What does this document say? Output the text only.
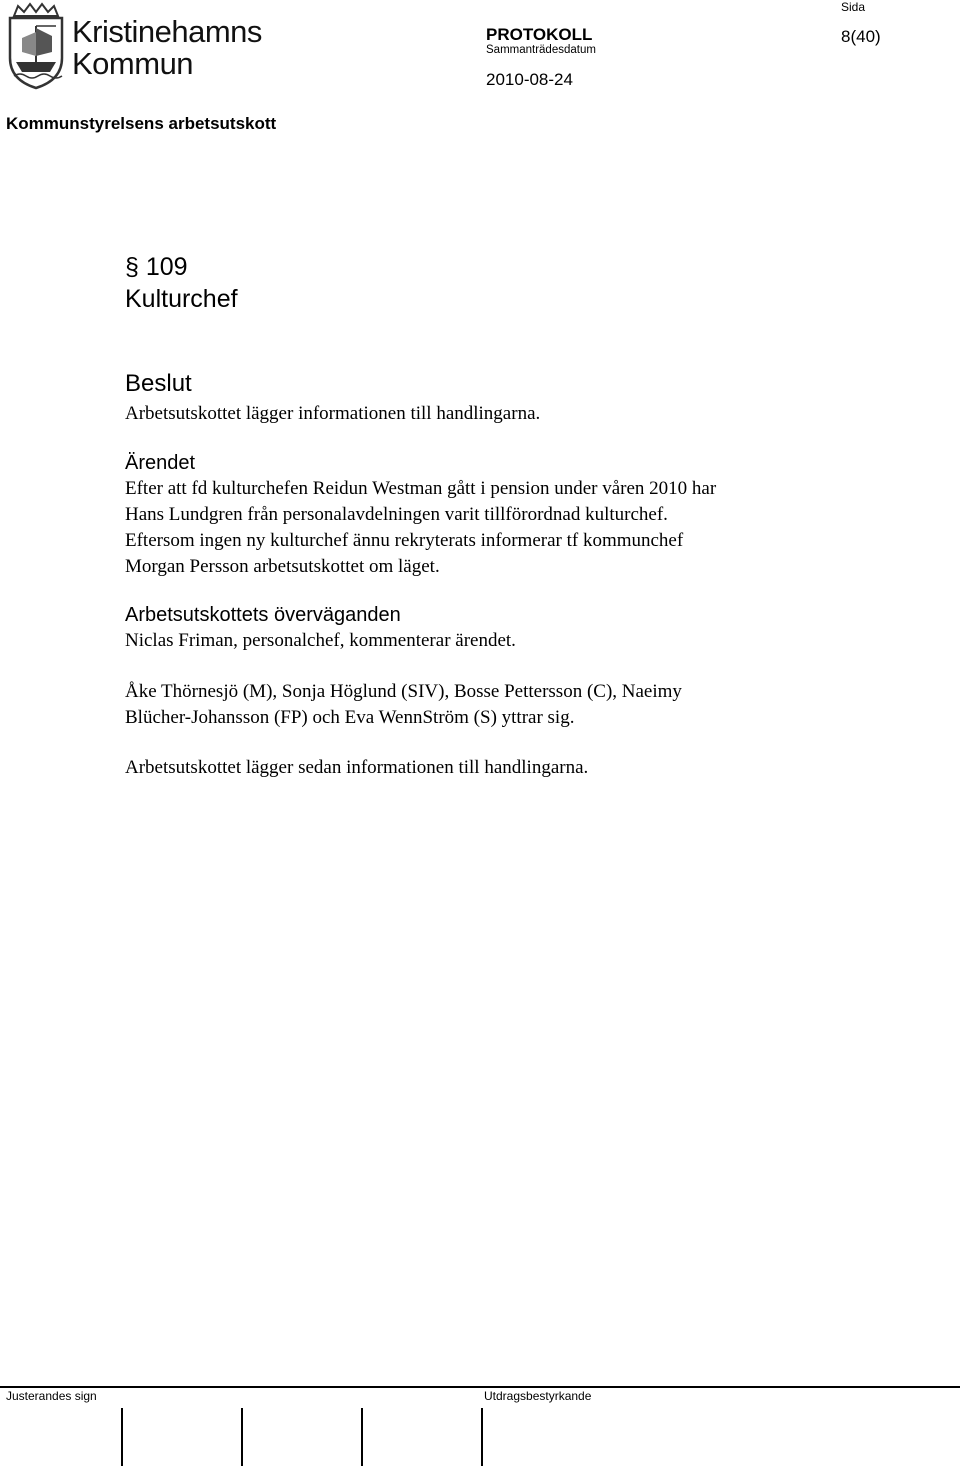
Kristinehamns
Kommun
PROTOKOLL
Sammanträdesdatum
2010-08-24
Sida
8(40)
Kommunstyrelsens arbetsutskott
§ 109
Kulturchef
Beslut
Arbetsutskottet lägger informationen till handlingarna.
Ärendet
Efter att fd kulturchefen Reidun Westman gått i pension under våren 2010 har
Hans Lundgren från personalavdelningen varit tillförordnad kulturchef.
Eftersom ingen ny kulturchef ännu rekryterats informerar tf kommunchef
Morgan Persson arbetsutskottet om läget.
Arbetsutskottets överväganden
Niclas Friman, personalchef, kommenterar ärendet.
Åke Thörnesjö (M), Sonja Höglund (SIV), Bosse Pettersson (C), Naeimy
Blücher-Johansson (FP) och Eva WennStröm (S) yttrar sig.
Arbetsutskottet lägger sedan informationen till handlingarna.
Justerandes sign	Utdragsbestyrkande
